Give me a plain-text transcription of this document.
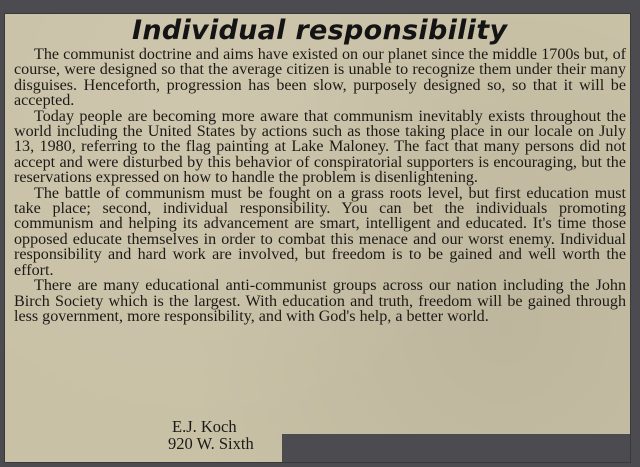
Individual responsibility

The communist doctrine and aims have existed on our planet since the middle 1700s but, of course, were designed so that the average citizen is unable to recognize them under their many disguises. Henceforth, progression has been slow, purposely designed so, so that it will be accepted.

Today people are becoming more aware that communism inevitably exists throughout the world including the United States by actions such as those taking place in our locale on July 13, 1980, referring to the flag painting at Lake Maloney. The fact that many persons did not accept and were disturbed by this behavior of conspiratorial supporters is encouraging, but the reservations expressed on how to handle the problem is disenlightening.

The battle of communism must be fought on a grass roots level, but first education must take place; second, individual responsibility. You can bet the individuals promoting communism and helping its advancement are smart, intelligent and educated. It's time those opposed educate themselves in order to combat this menace and our worst enemy. Individual responsibility and hard work are involved, but freedom is to be gained and well worth the effort.

There are many educational anti-communist groups across our nation including the John Birch Society which is the largest. With education and truth, freedom will be gained through less government, more responsibility, and with God's help, a better world.

E.J. Koch
920 W. Sixth
